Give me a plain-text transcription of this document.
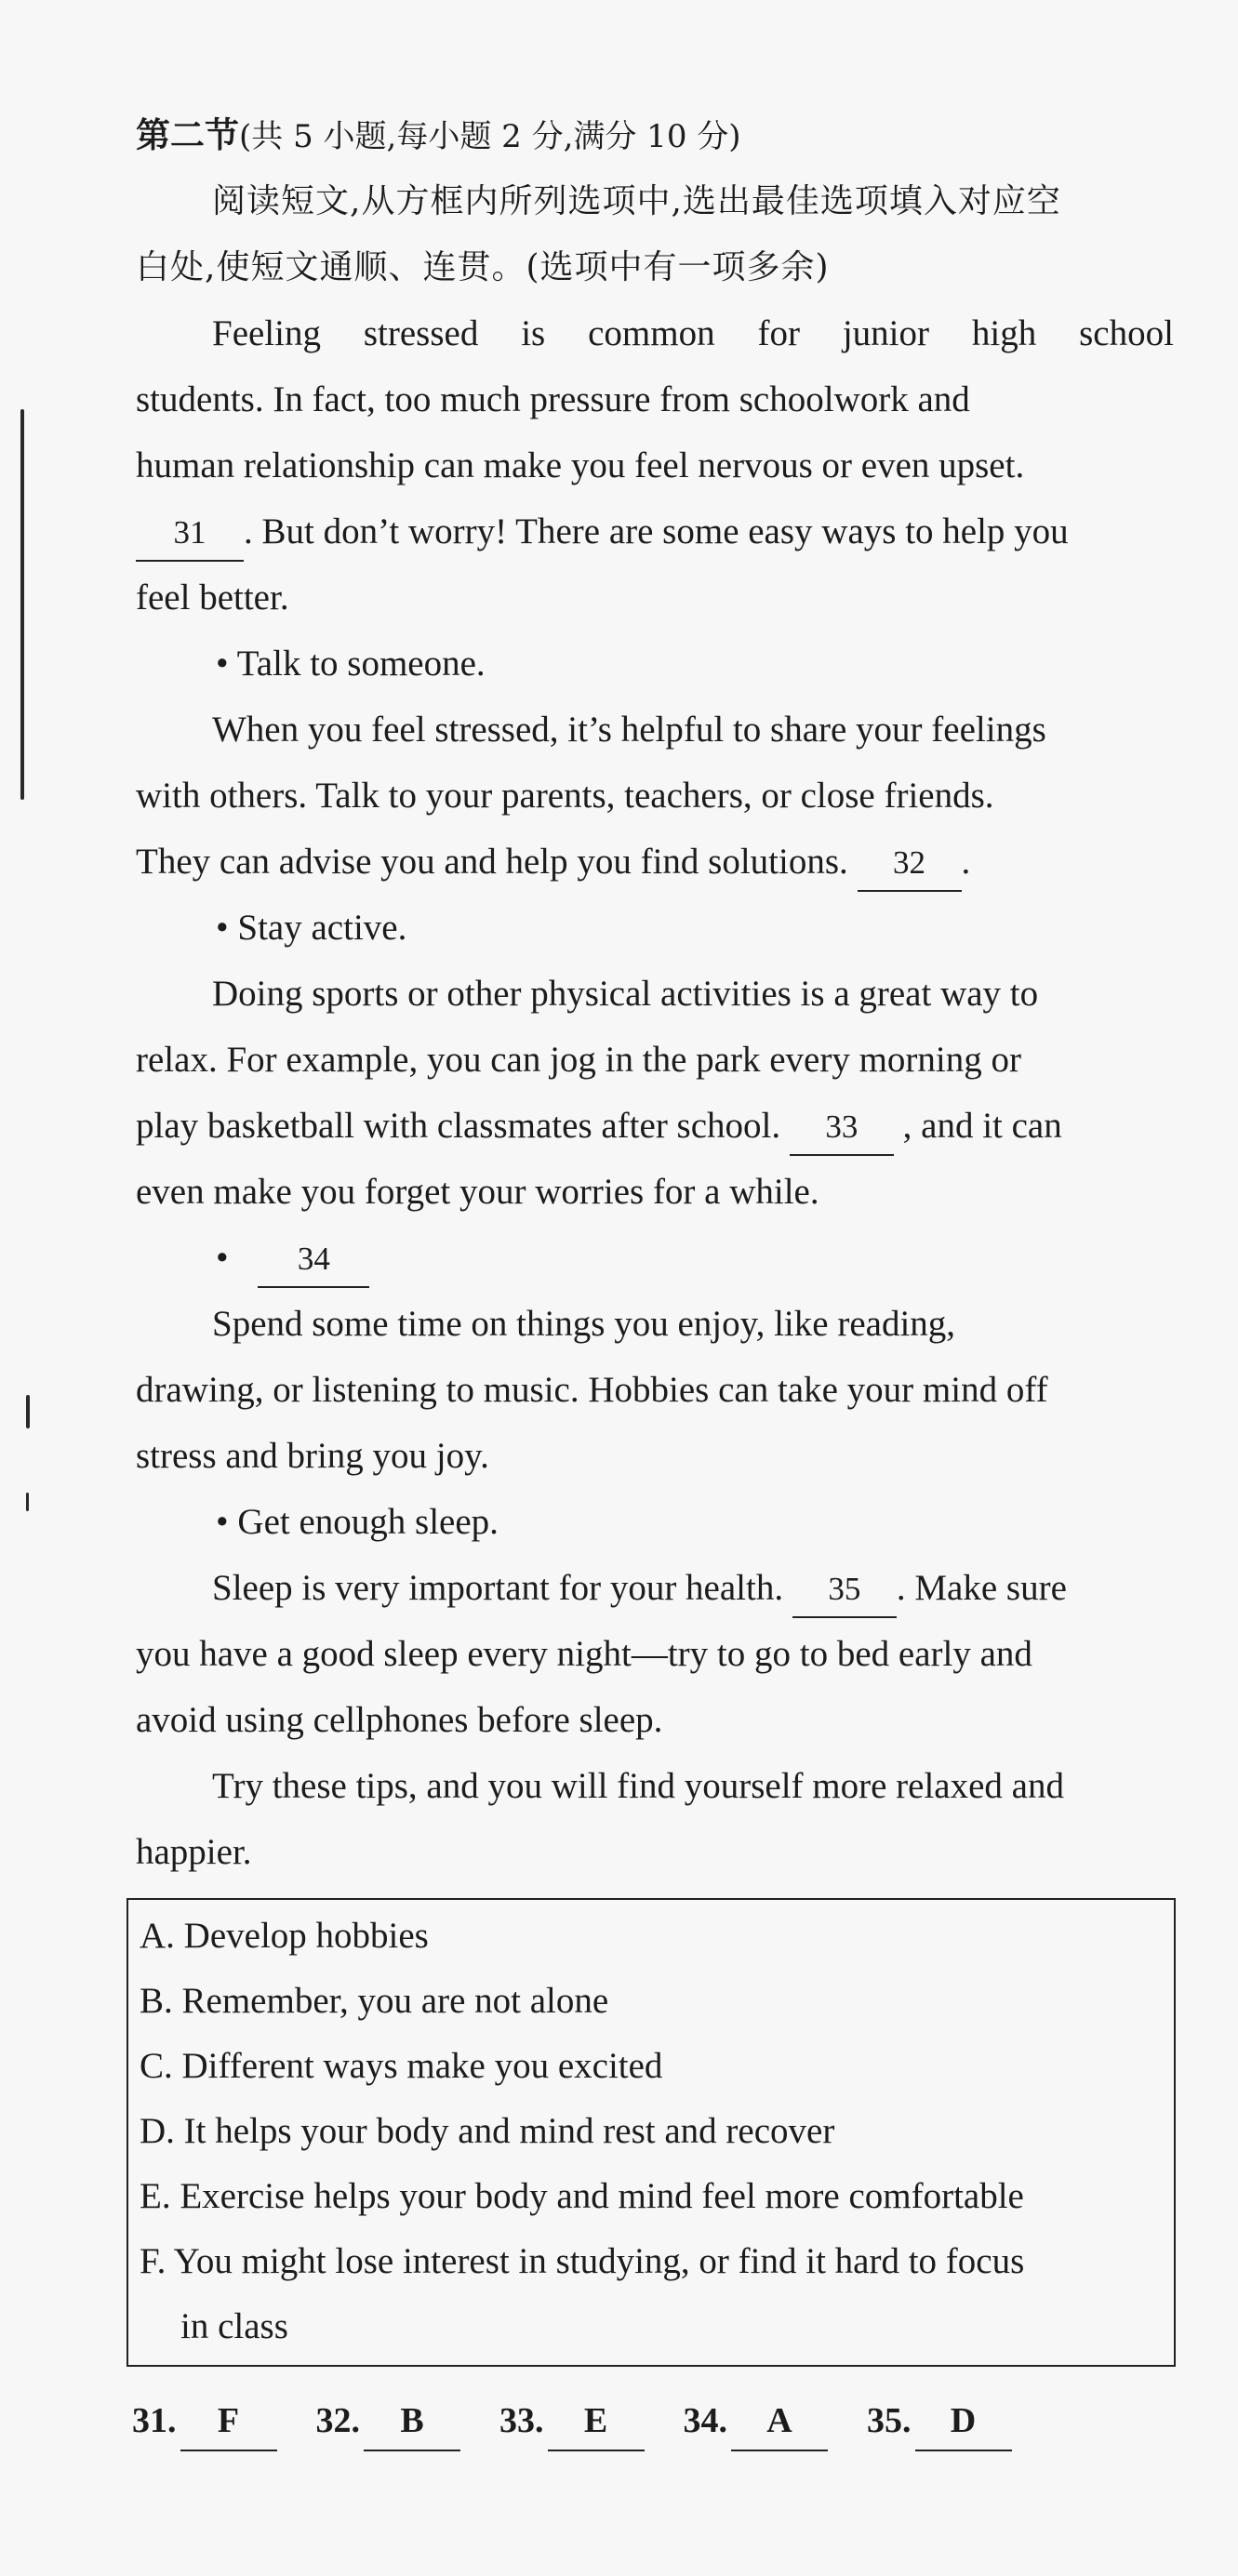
第二节(共 5 小题,每小题 2 分,满分 10 分)
阅读短文,从方框内所列选项中,选出最佳选项填入对应空
白处,使短文通顺、连贯。(选项中有一项多余)
Feeling stressed is common for junior high school
students. In fact, too much pressure from schoolwork and
human relationship can make you feel nervous or even upset.
31 . But don’t worry! There are some easy ways to help you
feel better.
• Talk to someone.
When you feel stressed, it’s helpful to share your feelings
with others. Talk to your parents, teachers, or close friends.
They can advise you and help you find solutions. 32 .
• Stay active.
Doing sports or other physical activities is a great way to
relax. For example, you can jog in the park every morning or
play basketball with classmates after school. 33 , and it can
even make you forget your worries for a while.
• 34
Spend some time on things you enjoy, like reading,
drawing, or listening to music. Hobbies can take your mind off
stress and bring you joy.
• Get enough sleep.
Sleep is very important for your health. 35 . Make sure
you have a good sleep every night—try to go to bed early and
avoid using cellphones before sleep.
Try these tips, and you will find yourself more relaxed and
happier.
A. Develop hobbies
B. Remember, you are not alone
C. Different ways make you excited
D. It helps your body and mind rest and recover
E. Exercise helps your body and mind feel more comfortable
F. You might lose interest in studying, or find it hard to focus
in class
31.	F	32.	B	33.	E	34.	A	35.	D
